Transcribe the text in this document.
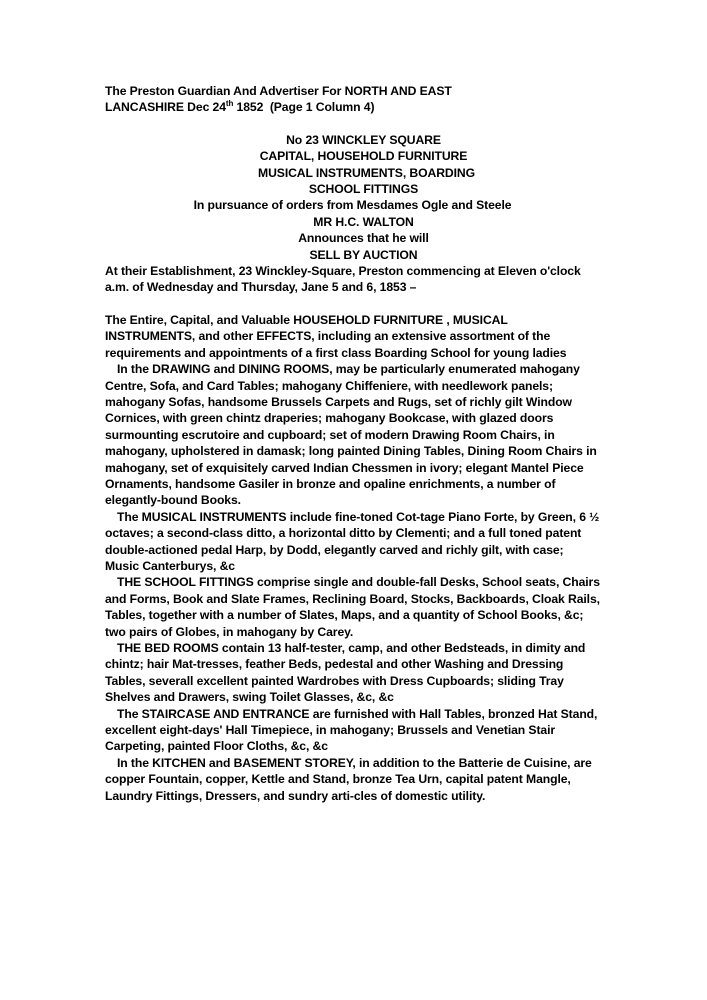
The Preston Guardian And Advertiser For NORTH AND EAST
LANCASHIRE Dec 24th 1852  (Page 1 Column 4)

No 23 WINCKLEY SQUARE

CAPITAL, HOUSEHOLD FURNITURE

MUSICAL INSTRUMENTS, BOARDING

SCHOOL FITTINGS

In pursuance of orders from Mesdames Ogle and Steele

MR H.C. WALTON

Announces that he will

SELL BY AUCTION

At their Establishment, 23 Winckley-Square, Preston commencing at Eleven o'clock a.m. of Wednesday and Thursday, Jane 5 and 6, 1853 –

The Entire, Capital, and Valuable HOUSEHOLD FURNITURE , MUSICAL INSTRUMENTS, and other EFFECTS, including an extensive assortment of the requirements and appointments of a first class Boarding School for young ladies

In the DRAWING and DINING ROOMS, may be particularly enumerated mahogany Centre, Sofa, and Card Tables; mahogany Chiffeniere, with needlework panels; mahogany Sofas, handsome Brussels Carpets and Rugs, set of richly gilt Window Cornices, with green chintz draperies; mahogany Bookcase, with glazed doors surmounting escrutoire and cupboard; set of modern Drawing Room Chairs, in mahogany, upholstered in damask; long painted Dining Tables, Dining Room Chairs in mahogany, set of exquisitely carved Indian Chessmen in ivory; elegant Mantel Piece Ornaments, handsome Gasiler in bronze and opaline enrichments, a number of elegantly-bound Books.

The MUSICAL INSTRUMENTS include fine-toned Cot-tage Piano Forte, by Green, 6 ½ octaves; a second-class ditto, a horizontal ditto by Clementi; and a full toned patent double-actioned pedal Harp, by Dodd, elegantly carved and richly gilt, with case; Music Canterburys, &c

THE SCHOOL FITTINGS comprise single and double-fall Desks, School seats, Chairs and Forms, Book and Slate Frames, Reclining Board, Stocks, Backboards, Cloak Rails, Tables, together with a number of Slates, Maps, and a quantity of School Books, &c; two pairs of Globes, in mahogany by Carey.

THE BED ROOMS contain 13 half-tester, camp, and other Bedsteads, in dimity and chintz; hair Mat-tresses, feather Beds, pedestal and other Washing and Dressing Tables, severall excellent painted Wardrobes with Dress Cupboards; sliding Tray Shelves and Drawers, swing Toilet Glasses, &c, &c

The STAIRCASE AND ENTRANCE are furnished with Hall Tables, bronzed Hat Stand, excellent eight-days' Hall Timepiece, in mahogany; Brussels and Venetian Stair Carpeting, painted Floor Cloths, &c, &c

In the KITCHEN and BASEMENT STOREY, in addition to the Batterie de Cuisine, are copper Fountain, copper, Kettle and Stand, bronze Tea Urn, capital patent Mangle, Laundry Fittings, Dressers, and sundry arti-cles of domestic utility.
